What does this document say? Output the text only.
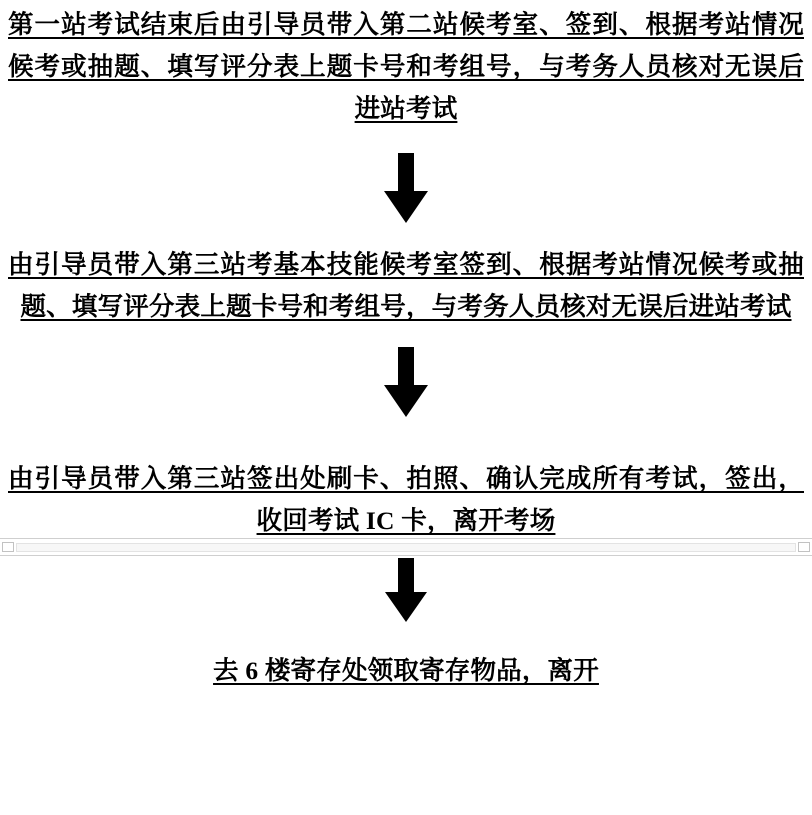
第一站考试结束后由引导员带入第二站候考室、签到、根据考站情况候考或抽题、填写评分表上题卡号和考组号，与考务人员核对无误后进站考试

由引导员带入第三站考基本技能候考室签到、根据考站情况候考或抽题、填写评分表上题卡号和考组号，与考务人员核对无误后进站考试

由引导员带入第三站签出处刷卡、拍照、确认完成所有考试，签出，收回考试 IC 卡，离开考场

去 6 楼寄存处领取寄存物品，离开
